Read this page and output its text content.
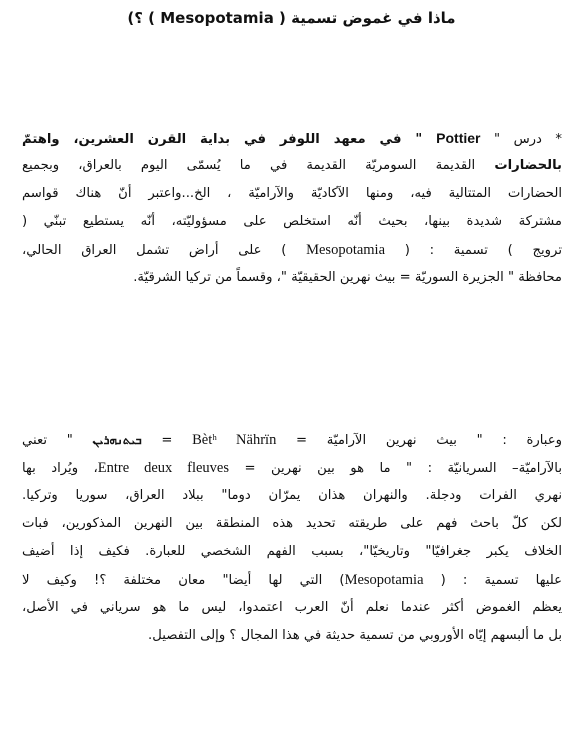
ماذا في غموض تسمية ( Mesopotamia ) ؟)
* درس " Pottier " في معهد اللوفر في بداية القرن العشرين، واهتمّ
بالحضارات القديمة السومريّة القديمة في ما يُسمّى اليوم بالعراق، وبجميع
الحضارات المتتالية فيه، ومنها الآكاديّة والآراميّة ، الخ...واعتبر أنّ هناك قواسم
مشتركة شديدة بينها، بحيث أنّه استخلص على مسؤوليّته، أنّه يستطيع تبنّي (
ترويج ) تسمية : ( Mesopotamia ) على أراض تشمل العراق الحالي،
محافظة " الجزيرة السوريّة = بيث نهرين الحقيقيّة "، وقسماً من تركيا الشرقيّة.
وعبارة : " بيث نهرين الآراميّة = Bètʰ Nährïn = ܒܝܬܢܗܪܝܢ " تعني
بالآراميّة– السريانيّة : " ما هو بين نهرين = Entre deux fleuves، ويُراد بها
نهري الفرات ودجلة. والنهران هذان يمرّان دوما" ببلاد العراق، سوريا وتركيا.
لكن كلّ باحث فهم على طريقته تحديد هذه المنطقة بين النهرين المذكورين، فبات
الخلاف يكبر جغرافيّا" وتاريخيّا"، بسبب الفهم الشخصي للعبارة. فكيف إذا أضيف
عليها تسمية : ( Mesopotamia) التي لها أيضا" معان مختلفة ؟! وكيف لا
يعظم الغموض أكثر عندما نعلم أنّ العرب اعتمدوا، ليس ما هو سرياني في الأصل،
بل ما ألبسهم إيّاه الأوروبي من تسمية حديثة في هذا المجال ؟ وإلى التفصيل.
